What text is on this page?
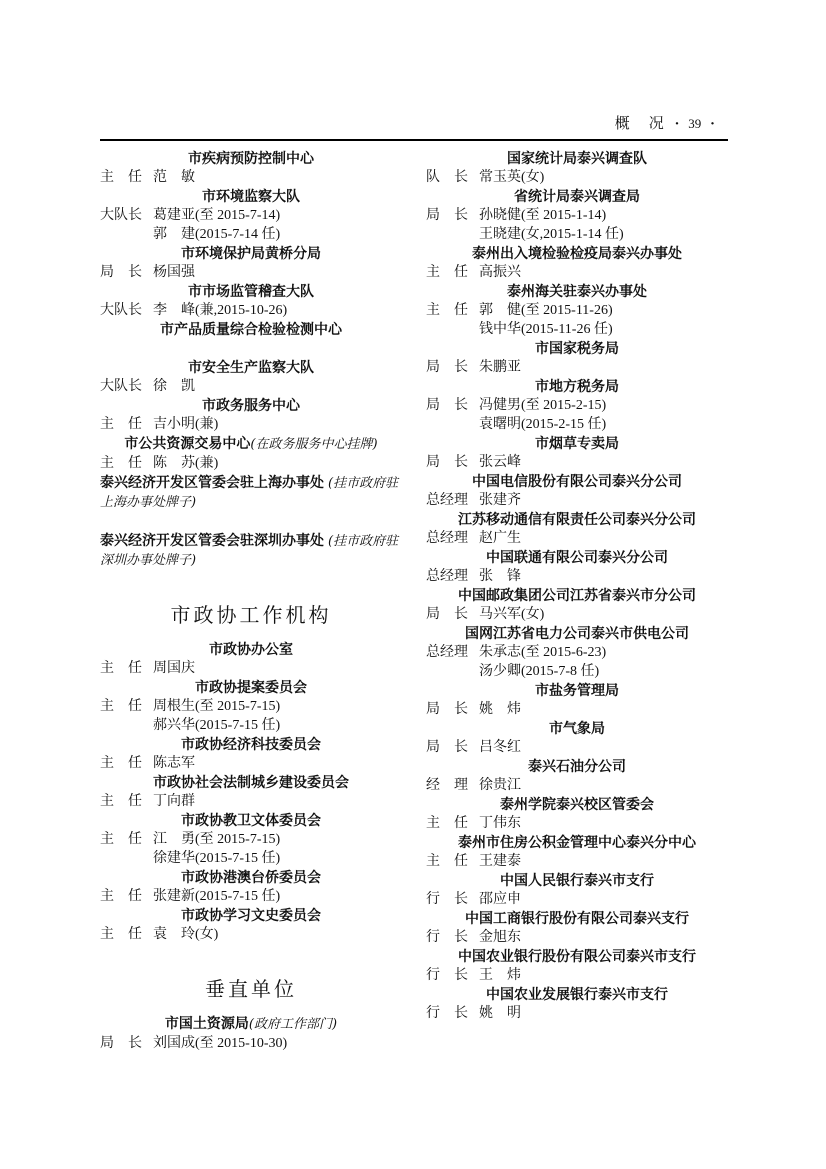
概　况 · 39 ·
市疾病预防控制中心
主　任 范　敏
市环境监察大队
大队长 葛建亚(至 2015-7-14)
郭　建(2015-7-14 任)
市环境保护局黄桥分局
局　长 杨国强
市市场监管稽查大队
大队长 李　峰(兼,2015-10-26)
市产品质量综合检验检测中心
市安全生产监察大队
大队长 徐　凯
市政务服务中心
主　任 吉小明(兼)
市公共资源交易中心(在政务服务中心挂牌)
主　任 陈　苏(兼)
泰兴经济开发区管委会驻上海办事处 (挂市政府驻上海办事处牌子)
泰兴经济开发区管委会驻深圳办事处 (挂市政府驻深圳办事处牌子)
市政协工作机构
市政协办公室
主　任 周国庆
市政协提案委员会
主　任 周根生(至 2015-7-15)
郝兴华(2015-7-15 任)
市政协经济科技委员会
主　任 陈志军
市政协社会法制城乡建设委员会
主　任 丁向群
市政协教卫文体委员会
主　任 江　勇(至 2015-7-15)
徐建华(2015-7-15 任)
市政协港澳台侨委员会
主　任 张建新(2015-7-15 任)
市政协学习文史委员会
主　任 袁　玲(女)
垂直单位
市国土资源局(政府工作部门)
局　长 刘国成(至 2015-10-30)
国家统计局泰兴调查队
队　长 常玉英(女)
省统计局泰兴调查局
局　长 孙晓健(至 2015-1-14)
王晓建(女,2015-1-14 任)
泰州出入境检验检疫局泰兴办事处
主　任 高振兴
泰州海关驻泰兴办事处
主　任 郭　健(至 2015-11-26)
钱中华(2015-11-26 任)
市国家税务局
局　长 朱鹏亚
市地方税务局
局　长 冯健男(至 2015-2-15)
袁曙明(2015-2-15 任)
市烟草专卖局
局　长 张云峰
中国电信股份有限公司泰兴分公司
总经理 张建齐
江苏移动通信有限责任公司泰兴分公司
总经理 赵广生
中国联通有限公司泰兴分公司
总经理 张　锋
中国邮政集团公司江苏省泰兴市分公司
局　长 马兴军(女)
国网江苏省电力公司泰兴市供电公司
总经理 朱承志(至 2015-6-23)
汤少卿(2015-7-8 任)
市盐务管理局
局　长 姚　炜
市气象局
局　长 吕冬红
泰兴石油分公司
经　理 徐贵江
泰州学院泰兴校区管委会
主　任 丁伟东
泰州市住房公积金管理中心泰兴分中心
主　任 王建泰
中国人民银行泰兴市支行
行　长 邵应申
中国工商银行股份有限公司泰兴支行
行　长 金旭东
中国农业银行股份有限公司泰兴市支行
行　长 王　炜
中国农业发展银行泰兴市支行
行　长 姚　明
